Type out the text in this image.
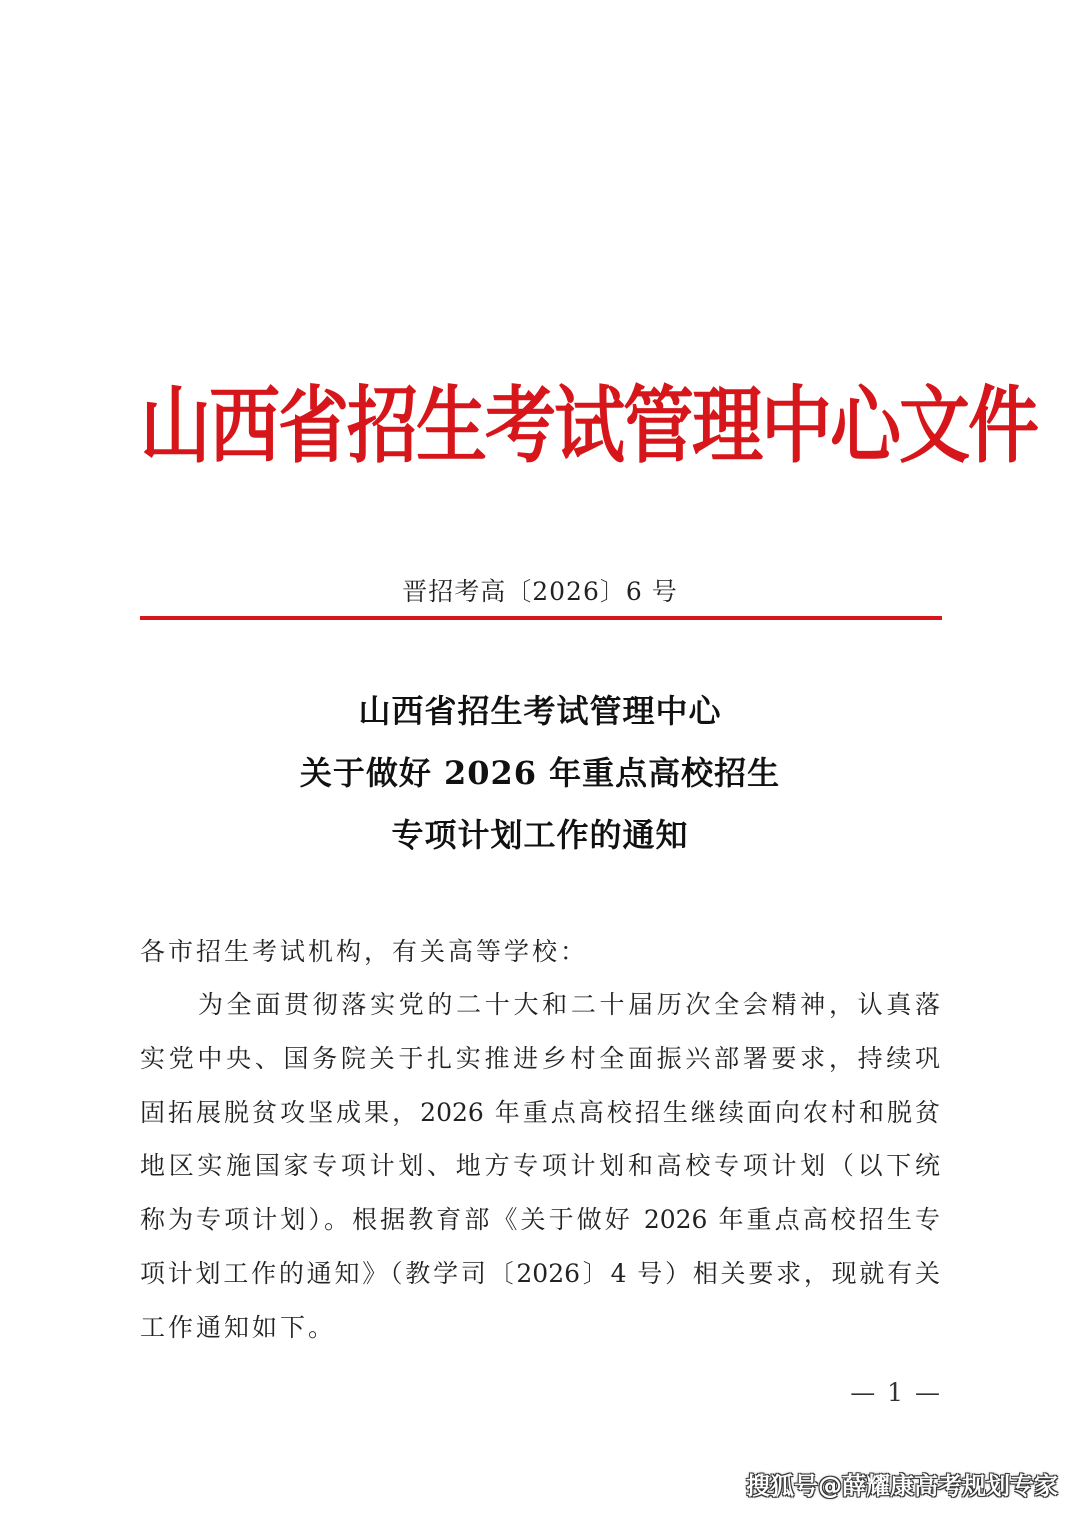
山西省招生考试管理中心文件
晋招考高〔2026〕6 号
山西省招生考试管理中心
关于做好 2026 年重点高校招生
专项计划工作的通知
各市招生考试机构，有关高等学校：
为全面贯彻落实党的二十大和二十届历次全会精神，认真落
实党中央、国务院关于扎实推进乡村全面振兴部署要求，持续巩
固拓展脱贫攻坚成果，2026 年重点高校招生继续面向农村和脱贫
地区实施国家专项计划、地方专项计划和高校专项计划（以下统
称为专项计划）。根据教育部《关于做好 2026 年重点高校招生专
项计划工作的通知》（教学司〔2026〕4 号）相关要求，现就有关
工作通知如下。
— 1 —
搜狐号@薛耀康高考规划专家
